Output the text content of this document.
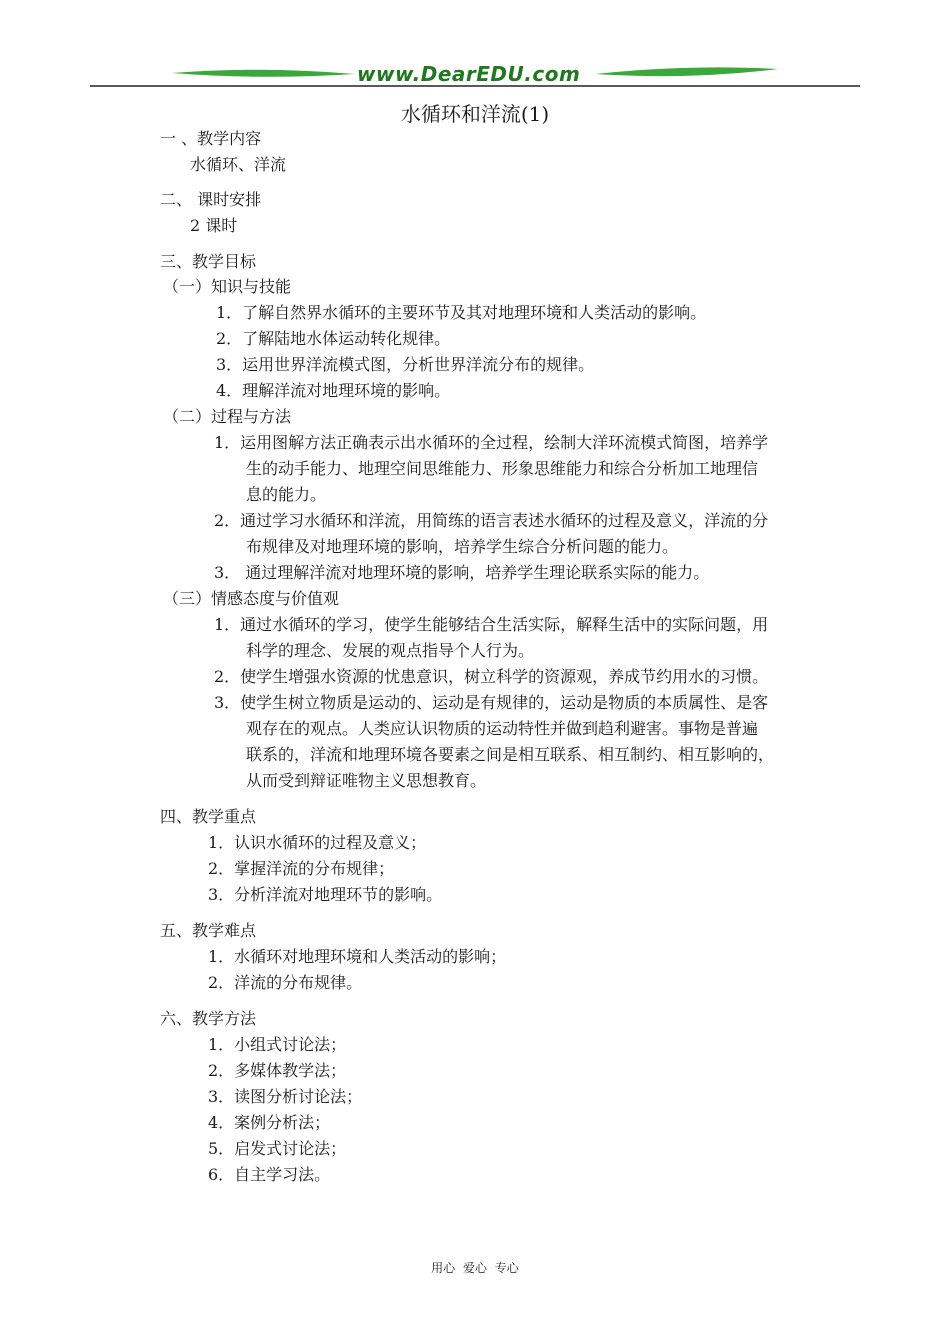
www.DearEDU.com
水循环和洋流(1)
一 、教学内容
水循环、洋流
二、 课时安排
2 课时
三、教学目标
（一）知识与技能
1．了解自然界水循环的主要环节及其对地理环境和人类活动的影响。
2．了解陆地水体运动转化规律。
3．运用世界洋流模式图，分析世界洋流分布的规律。
4．理解洋流对地理环境的影响。
（二）过程与方法
1．运用图解方法正确表示出水循环的全过程，绘制大洋环流模式简图，培养学
生的动手能力、地理空间思维能力、形象思维能力和综合分析加工地理信
息的能力。
2．通过学习水循环和洋流，用简练的语言表述水循环的过程及意义，洋流的分
布规律及对地理环境的影响，培养学生综合分析问题的能力。
3． 通过理解洋流对地理环境的影响，培养学生理论联系实际的能力。
（三）情感态度与价值观
1．通过水循环的学习，使学生能够结合生活实际，解释生活中的实际问题，用
科学的理念、发展的观点指导个人行为。
2．使学生增强水资源的忧患意识，树立科学的资源观，养成节约用水的习惯。
3．使学生树立物质是运动的、运动是有规律的，运动是物质的本质属性、是客
观存在的观点。人类应认识物质的运动特性并做到趋利避害。事物是普遍
联系的，洋流和地理环境各要素之间是相互联系、相互制约、相互影响的，
从而受到辩证唯物主义思想教育。
四、教学重点
1．认识水循环的过程及意义；
2．掌握洋流的分布规律；
3．分析洋流对地理环节的影响。
五、教学难点
1．水循环对地理环境和人类活动的影响；
2．洋流的分布规律。
六、教学方法
1．小组式讨论法；
2．多媒体教学法；
3．读图分析讨论法；
4．案例分析法；
5．启发式讨论法；
6．自主学习法。
用心 爱心 专心
